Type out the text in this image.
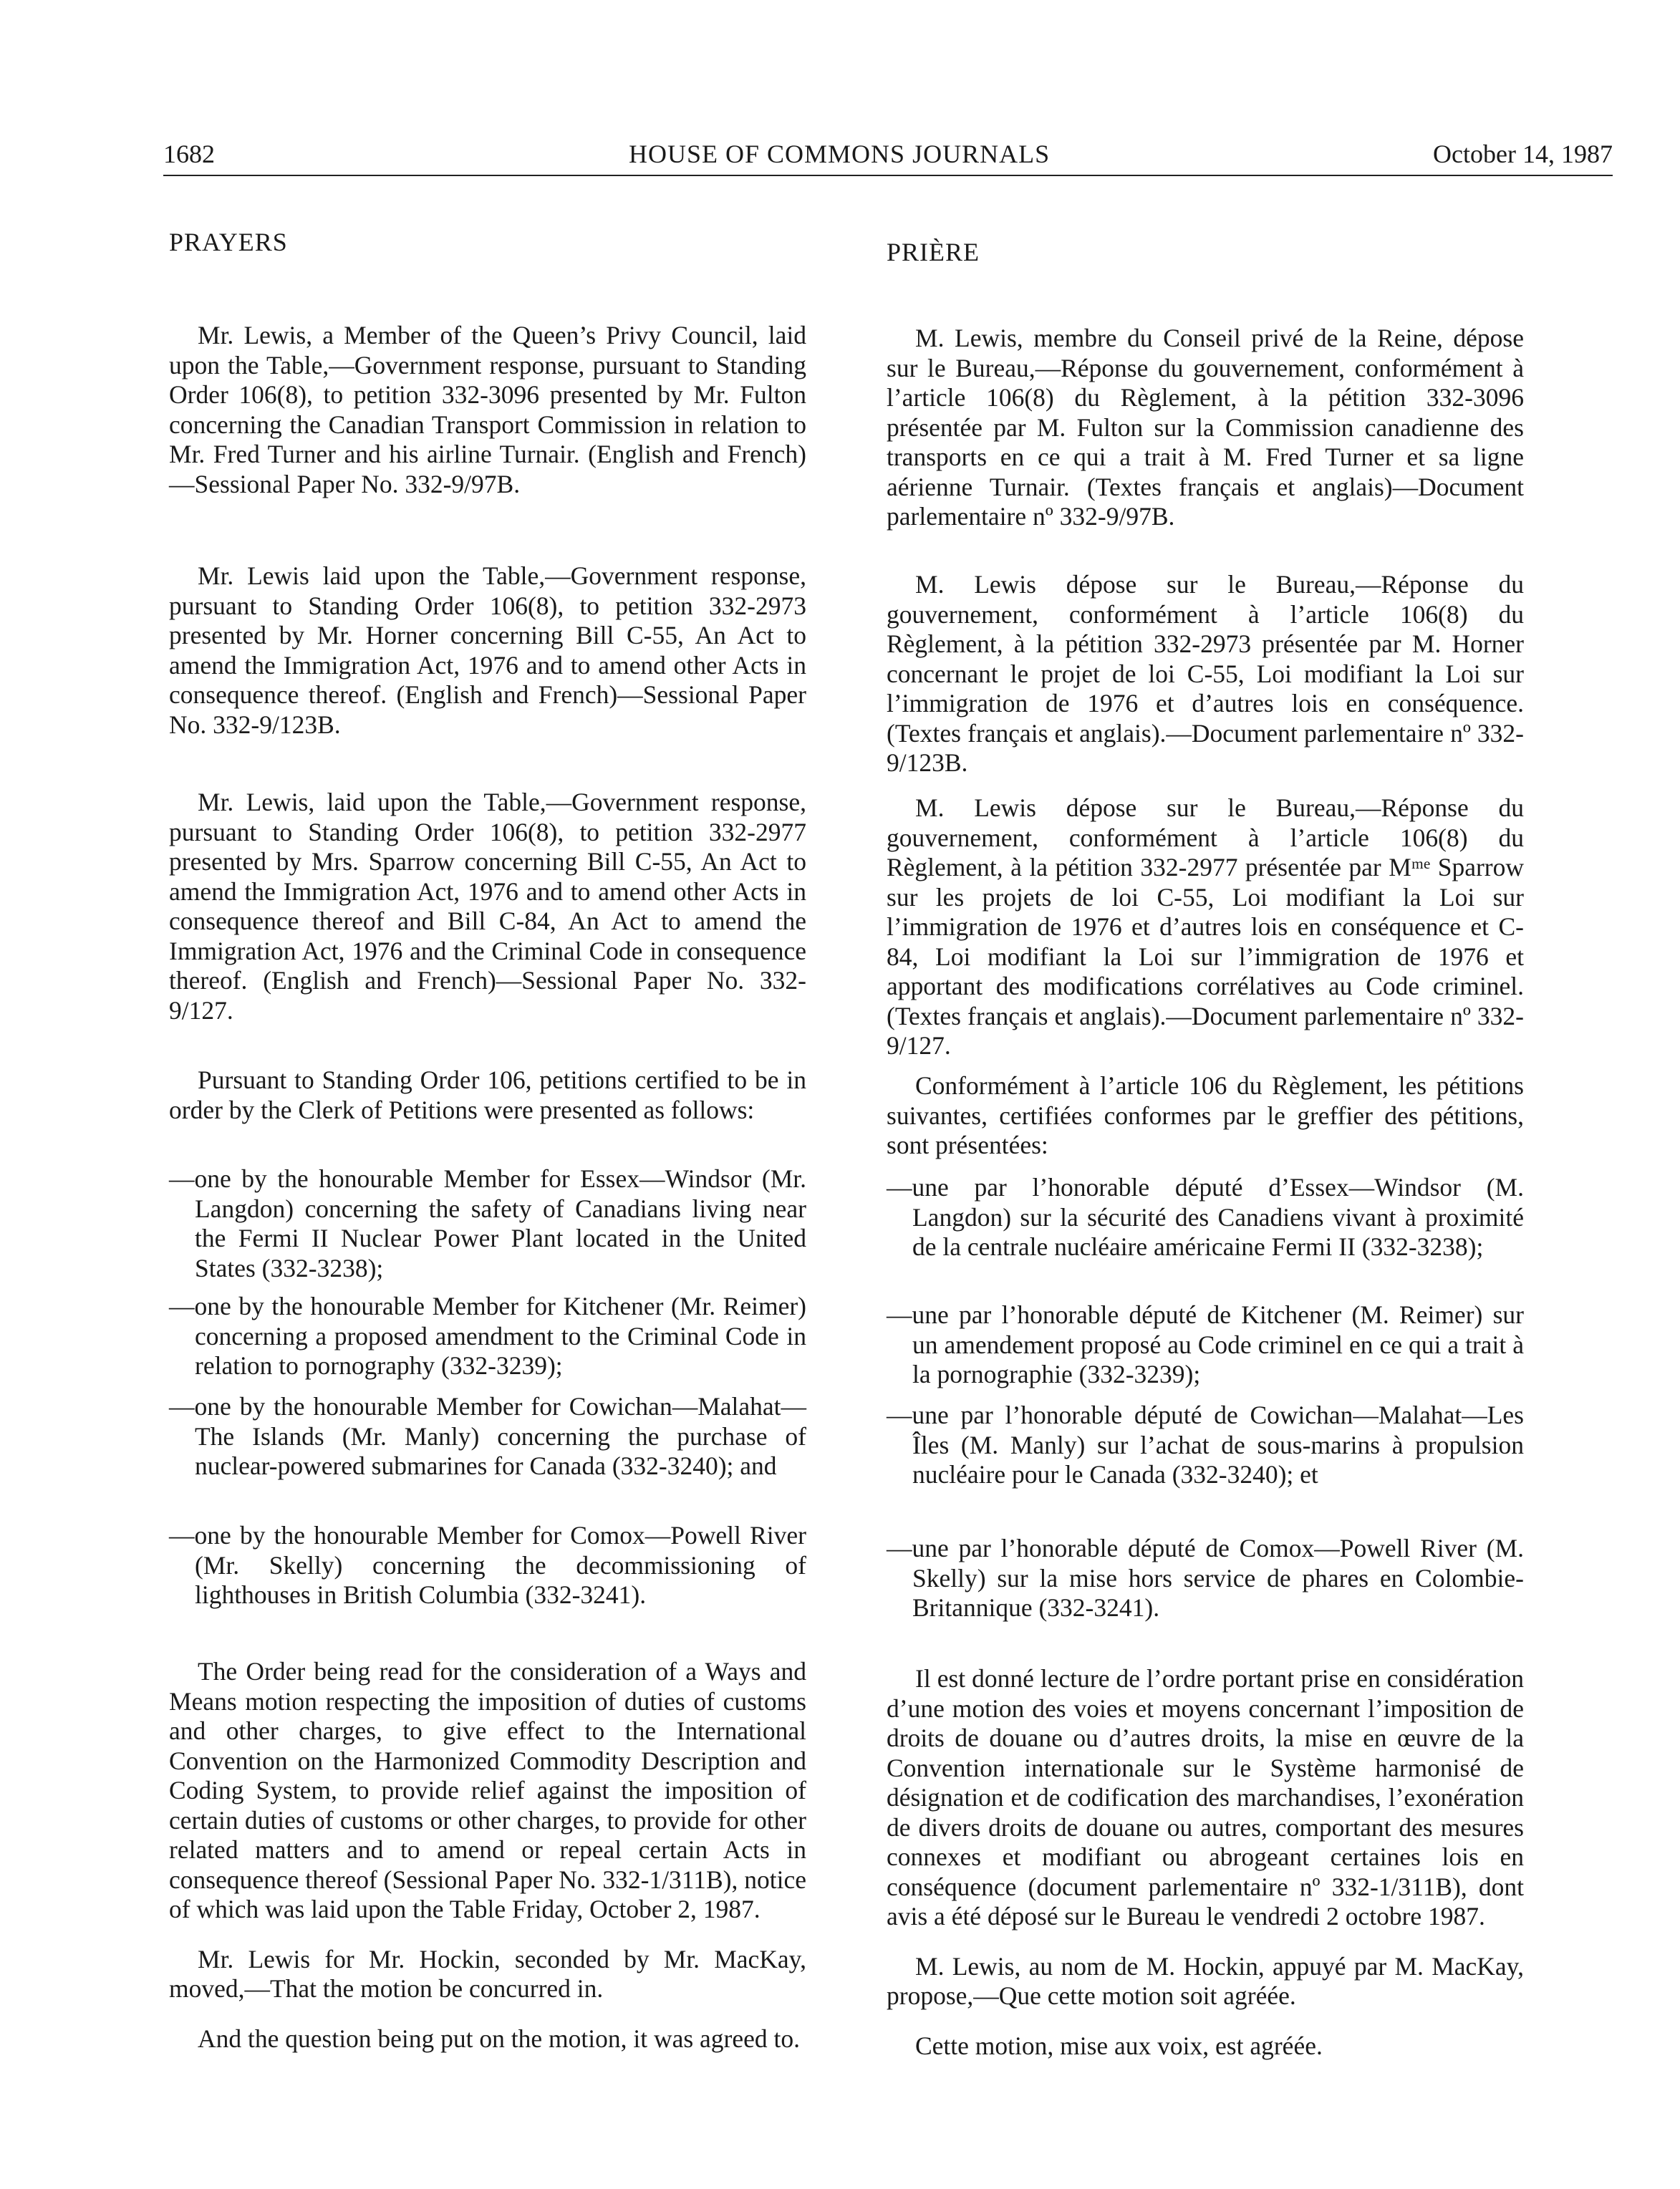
1682	HOUSE OF COMMONS JOURNALS	October 14, 1987
PRAYERS

Mr. Lewis, a Member of the Queen’s Privy Council, laid upon the Table,—Government response, pursuant to Standing Order 106(8), to petition 332-3096 presented by Mr. Fulton concerning the Canadian Transport Commission in relation to Mr. Fred Turner and his airline Turnair. (English and French)—Sessional Paper No. 332-9/97B.

Mr. Lewis laid upon the Table,—Government response, pursuant to Standing Order 106(8), to petition 332-2973 presented by Mr. Horner concerning Bill C-55, An Act to amend the Immigration Act, 1976 and to amend other Acts in consequence thereof. (English and French)—Sessional Paper No. 332-9/123B.

Mr. Lewis, laid upon the Table,—Government response, pursuant to Standing Order 106(8), to petition 332-2977 presented by Mrs. Sparrow concerning Bill C-55, An Act to amend the Immigration Act, 1976 and to amend other Acts in consequence thereof and Bill C-84, An Act to amend the Immigration Act, 1976 and the Criminal Code in consequence thereof. (English and French)—Sessional Paper No. 332-9/127.

Pursuant to Standing Order 106, petitions certified to be in order by the Clerk of Petitions were presented as follows:

—one by the honourable Member for Essex—Windsor (Mr. Langdon) concerning the safety of Canadians living near the Fermi II Nuclear Power Plant located in the United States (332-3238);

—one by the honourable Member for Kitchener (Mr. Reimer) concerning a proposed amendment to the Criminal Code in relation to pornography (332-3239);

—one by the honourable Member for Cowichan—Malahat—The Islands (Mr. Manly) concerning the purchase of nuclear-powered submarines for Canada (332-3240); and

—one by the honourable Member for Comox—Powell River (Mr. Skelly) concerning the decommissioning of lighthouses in British Columbia (332-3241).

The Order being read for the consideration of a Ways and Means motion respecting the imposition of duties of customs and other charges, to give effect to the International Convention on the Harmonized Commodity Description and Coding System, to provide relief against the imposition of certain duties of customs or other charges, to provide for other related matters and to amend or repeal certain Acts in consequence thereof (Sessional Paper No. 332-1/311B), notice of which was laid upon the Table Friday, October 2, 1987.

Mr. Lewis for Mr. Hockin, seconded by Mr. MacKay, moved,—That the motion be concurred in.

And the question being put on the motion, it was agreed to.

PRIÈRE

M. Lewis, membre du Conseil privé de la Reine, dépose sur le Bureau,—Réponse du gouvernement, conformément à l’article 106(8) du Règlement, à la pétition 332-3096 présentée par M. Fulton sur la Commission canadienne des transports en ce qui a trait à M. Fred Turner et sa ligne aérienne Turnair. (Textes français et anglais)—Document parlementaire nº 332-9/97B.

M. Lewis dépose sur le Bureau,—Réponse du gouvernement, conformément à l’article 106(8) du Règlement, à la pétition 332-2973 présentée par M. Horner concernant le projet de loi C-55, Loi modifiant la Loi sur l’immigration de 1976 et d’autres lois en conséquence. (Textes français et anglais).—Document parlementaire nº 332-9/123B.

M. Lewis dépose sur le Bureau,—Réponse du gouvernement, conformément à l’article 106(8) du Règlement, à la pétition 332-2977 présentée par Mᵐᵉ Sparrow sur les projets de loi C-55, Loi modifiant la Loi sur l’immigration de 1976 et d’autres lois en conséquence et C-84, Loi modifiant la Loi sur l’immigration de 1976 et apportant des modifications corrélatives au Code criminel. (Textes français et anglais).—Document parlementaire nº 332-9/127.

Conformément à l’article 106 du Règlement, les pétitions suivantes, certifiées conformes par le greffier des pétitions, sont présentées:

—une par l’honorable député d’Essex—Windsor (M. Langdon) sur la sécurité des Canadiens vivant à proximité de la centrale nucléaire américaine Fermi II (332-3238);

—une par l’honorable député de Kitchener (M. Reimer) sur un amendement proposé au Code criminel en ce qui a trait à la pornographie (332-3239);

—une par l’honorable député de Cowichan—Malahat—Les Îles (M. Manly) sur l’achat de sous-marins à propulsion nucléaire pour le Canada (332-3240); et

—une par l’honorable député de Comox—Powell River (M. Skelly) sur la mise hors service de phares en Colombie-Britannique (332-3241).

Il est donné lecture de l’ordre portant prise en considération d’une motion des voies et moyens concernant l’imposition de droits de douane ou d’autres droits, la mise en œuvre de la Convention internationale sur le Système harmonisé de désignation et de codification des marchandises, l’exonération de divers droits de douane ou autres, comportant des mesures connexes et modifiant ou abrogeant certaines lois en conséquence (document parlementaire nº 332-1/311B), dont avis a été déposé sur le Bureau le vendredi 2 octobre 1987.

M. Lewis, au nom de M. Hockin, appuyé par M. MacKay, propose,—Que cette motion soit agréée.

Cette motion, mise aux voix, est agréée.
